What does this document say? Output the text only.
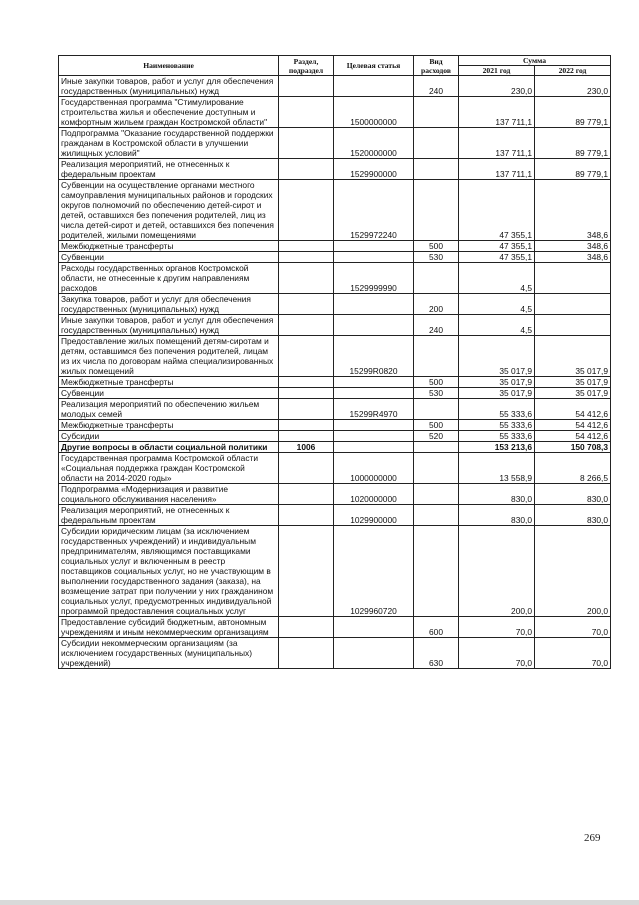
Наименование	Раздел, подраздел	Целевая статья	Вид расходов	Сумма	
				2021 год	2022 год
Иные закупки товаров, работ и услуг для обеспечения государственных (муниципальных) нужд			240	230,0	230,0
Государственная программа "Стимулирование строительства жилья и обеспечение доступным и комфортным жильем граждан Костромской области"		1500000000		137 711,1	89 779,1
Подпрограмма "Оказание государственной поддержки гражданам в Костромской области в улучшении жилищных условий"		1520000000		137 711,1	89 779,1
Реализация мероприятий, не отнесенных к федеральным проектам		1529900000		137 711,1	89 779,1
Субвенции на осуществление органами местного самоуправления муниципальных районов и городских округов полномочий по обеспечению детей-сирот и детей, оставшихся без попечения родителей, лиц из числа детей-сирот и детей, оставшихся без попечения родителей, жилыми помещениями		1529972240		47 355,1	348,6
Межбюджетные трансферты			500	47 355,1	348,6
Субвенции			530	47 355,1	348,6
Расходы государственных органов Костромской области, не отнесенные к другим направлениям расходов		1529999990		4,5	
Закупка товаров, работ и услуг для обеспечения государственных (муниципальных) нужд			200	4,5	
Иные закупки товаров, работ и услуг для обеспечения государственных (муниципальных) нужд			240	4,5	
Предоставление жилых помещений детям-сиротам и детям, оставшимся без попечения родителей, лицам из их числа по договорам найма специализированных жилых помещений		15299R0820		35 017,9	35 017,9
Межбюджетные трансферты			500	35 017,9	35 017,9
Субвенции			530	35 017,9	35 017,9
Реализация мероприятий по обеспечению жильем молодых семей		15299R4970		55 333,6	54 412,6
Межбюджетные трансферты			500	55 333,6	54 412,6
Субсидии			520	55 333,6	54 412,6
Другие вопросы в области социальной политики	1006			153 213,6	150 708,3
Государственная программа Костромской области «Социальная поддержка граждан Костромской области на 2014-2020 годы»		1000000000		13 558,9	8 266,5
Подпрограмма «Модернизация и развитие социального обслуживания населения»		1020000000		830,0	830,0
Реализация мероприятий, не отнесенных к федеральным проектам		1029900000		830,0	830,0
Субсидии юридическим лицам (за исключением государственных учреждений) и индивидуальным предпринимателям, являющимся поставщиками социальных услуг и включенным в реестр поставщиков социальных услуг, но не участвующим в выполнении государственного задания (заказа), на возмещение затрат при получении у них гражданином социальных услуг, предусмотренных индивидуальной программой предоставления социальных услуг		1029960720		200,0	200,0
Предоставление субсидий бюджетным, автономным учреждениям и иным некоммерческим организациям			600	70,0	70,0
Субсидии некоммерческим организациям (за исключением государственных (муниципальных) учреждений)			630	70,0	70,0
269
